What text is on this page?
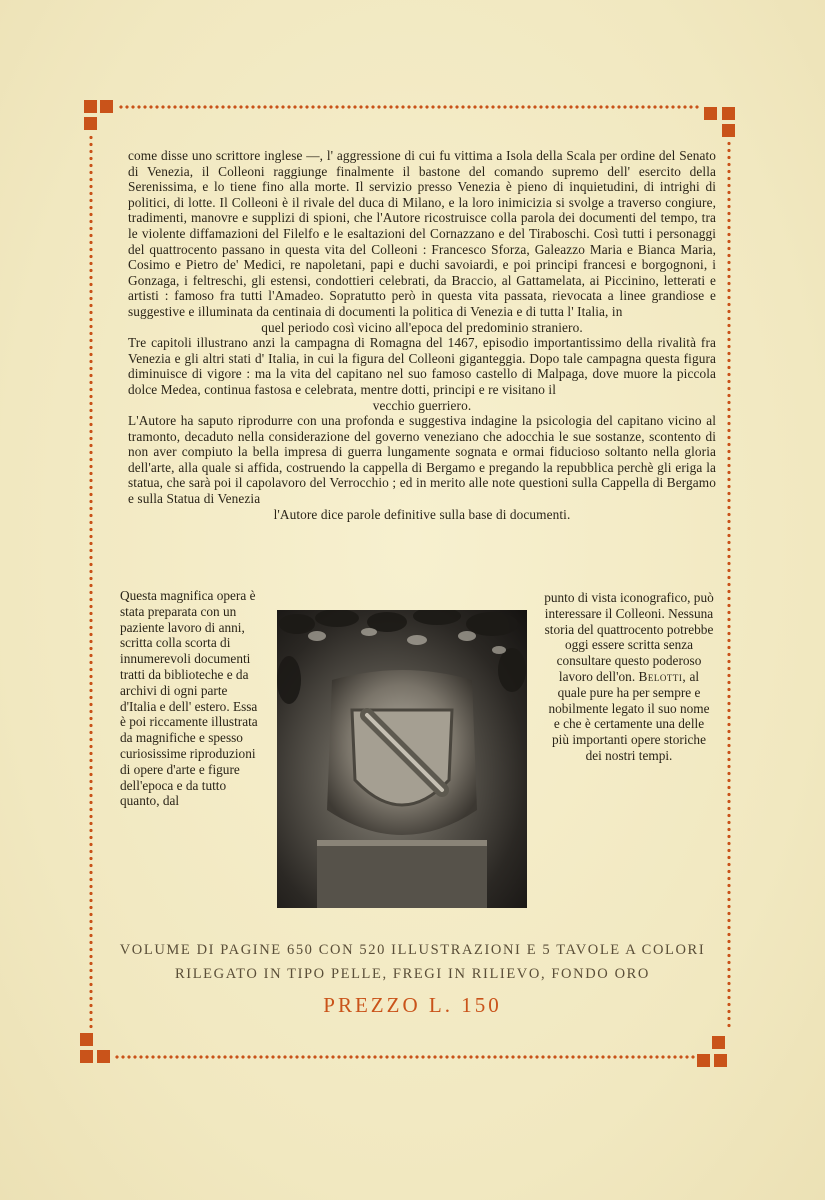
come disse uno scrittore inglese —, l' aggressione di cui fu vittima a Isola della Scala per ordine del Senato di Venezia, il Colleoni raggiunge finalmente il bastone del comando supremo dell' esercito della Serenissima, e lo tiene fino alla morte. Il servizio presso Venezia è pieno di inquietudini, di intrighi di politici, di lotte. Il Colleoni è il rivale del duca di Milano, e la loro inimicizia si svolge a traverso congiure, tradimenti, manovre e supplizi di spioni, che l'Autore ricostruisce colla parola dei documenti del tempo, tra le violente diffamazioni del Filelfo e le esaltazioni del Cornazzano e del Tiraboschi. Così tutti i personaggi del quattrocento passano in questa vita del Colleoni : Francesco Sforza, Galeazzo Maria e Bianca Maria, Cosimo e Pietro de' Medici, re napoletani, papi e duchi savoiardi, e poi principi francesi e borgognoni, i Gonzaga, i feltreschi, gli estensi, condottieri celebrati, da Braccio, al Gattamelata, ai Piccinino, letterati e artisti : famoso fra tutti l'Amadeo. Sopratutto però in questa vita passata, rievocata a linee grandiose e suggestive e illuminata da centinaia di documenti la politica di Venezia e di tutta l' Italia, in

quel periodo così vicino all'epoca del predominio straniero.

Tre capitoli illustrano anzi la campagna di Romagna del 1467, episodio importantissimo della rivalità fra Venezia e gli altri stati d' Italia, in cui la figura del Colleoni giganteggia. Dopo tale campagna questa figura diminuisce di vigore : ma la vita del capitano nel suo famoso castello di Malpaga, dove muore la piccola dolce Medea, continua fastosa e celebrata, mentre dotti, principi e re visitano il

vecchio guerriero.

L'Autore ha saputo riprodurre con una profonda e suggestiva indagine la psicologia del capitano vicino al tramonto, decaduto nella considerazione del governo veneziano che adocchia le sue sostanze, scontento di non aver compiuto la bella impresa di guerra lungamente sognata e ormai fiducioso soltanto nella gloria dell'arte, alla quale si affida, costruendo la cappella di Bergamo e pregando la repubblica perchè gli eriga la statua, che sarà poi il capolavoro del Verrocchio ; ed in merito alle note questioni sulla Cappella di Bergamo e sulla Statua di Venezia

l'Autore dice parole definitive sulla base di documenti.

Questa magnifica opera è stata preparata con un paziente lavoro di anni, scritta colla scorta di innumerevoli documenti tratti da biblioteche e da archivi di ogni parte d'Italia e dell' estero. Essa è poi riccamente illustrata da magnifiche e spesso curiosissime riproduzioni di opere d'arte e figure dell'epoca e da tutto quanto, dal
punto di vista iconografico, può interessare il Colleoni. Nessuna storia del quattrocento potrebbe oggi essere scritta senza consultare questo poderoso lavoro dell'on. Belotti, al quale pure ha per sempre e nobilmente legato il suo nome e che è certamente una delle più importanti opere storiche dei nostri tempi.
VOLUME DI PAGINE 650 CON 520 ILLUSTRAZIONI E 5 TAVOLE A COLORI
RILEGATO IN TIPO PELLE, FREGI IN RILIEVO, FONDO ORO
PREZZO L. 150
